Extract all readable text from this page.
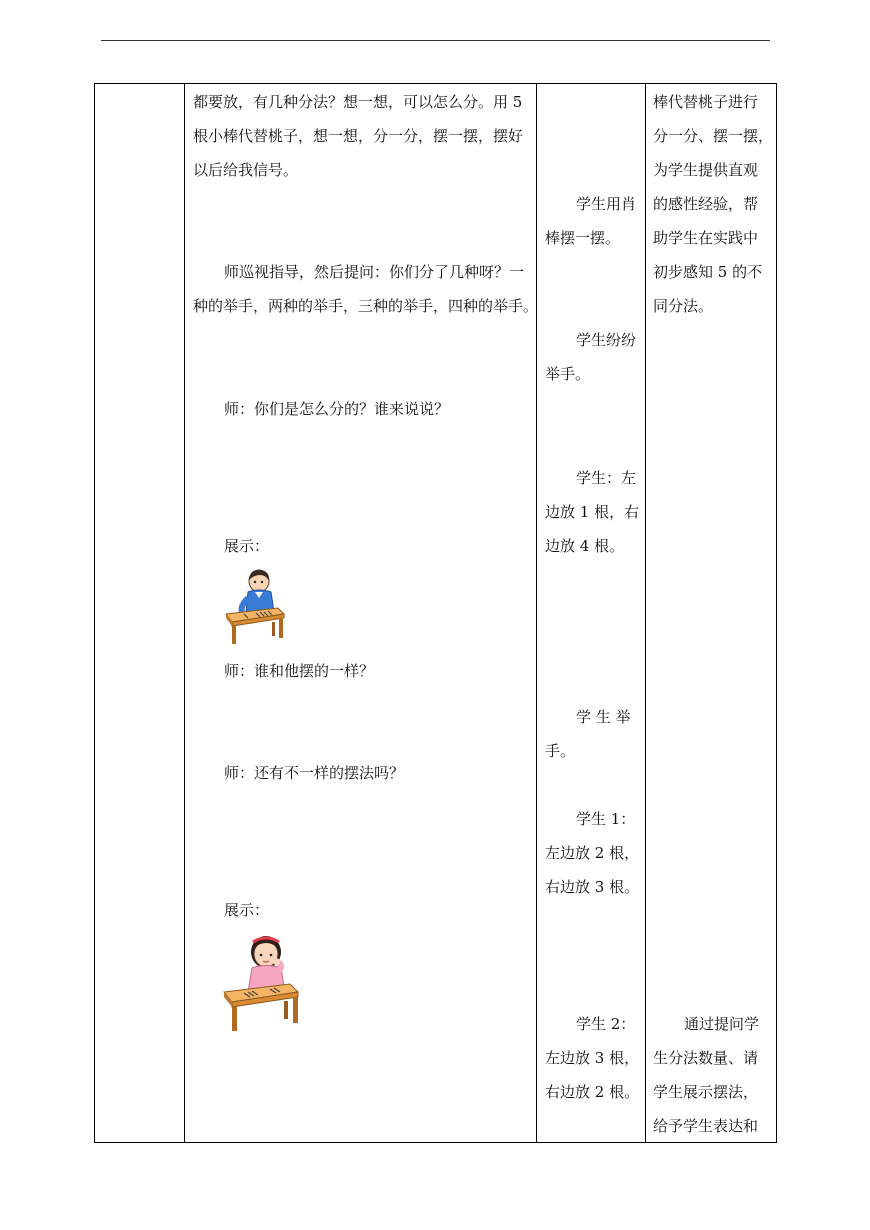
都要放，有几种分法？想一想，可以怎么分。用 5
根小棒代替桃子，想一想，分一分，摆一摆，摆好
以后给我信号。
师巡视指导，然后提问：你们分了几种呀？一
种的举手，两种的举手，三种的举手，四种的举手。
师：你们是怎么分的？谁来说说？
展示：
师：谁和他摆的一样？
师：还有不一样的摆法吗？
展示：
学生用肖
棒摆一摆。
学生纷纷
举手。
学生：左
边放 1 根，右
边放 4 根。
学 生 举
手。
学生 1：
左边放 2 根，
右边放 3 根。
学生 2：
左边放 3 根，
右边放 2 根。
棒代替桃子进行
分一分、摆一摆，
为学生提供直观
的感性经验，帮
助学生在实践中
初步感知 5 的不
同分法。
通过提问学
生分法数量、请
学生展示摆法，
给予学生表达和
